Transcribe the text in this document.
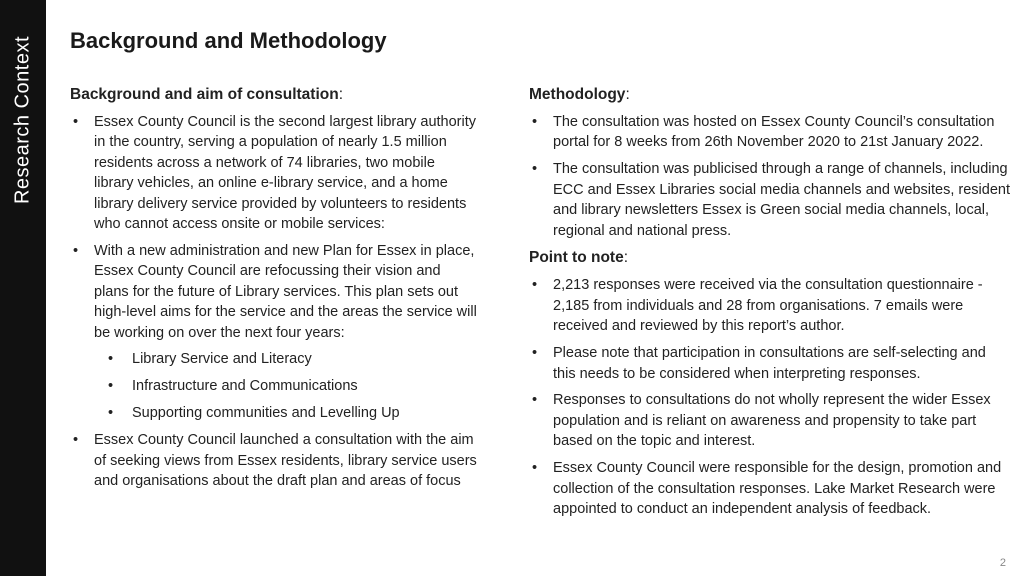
Research Context Background and Methodology
Background and aim of consultation:
• Essex County Council is the second largest library authority in the country, serving a population of nearly 1.5 million residents across a network of 74 libraries, two mobile library vehicles, an online e-library service, and a home library delivery service provided by volunteers to residents who cannot access onsite or mobile services:
• With a new administration and new Plan for Essex in place, Essex County Council are refocussing their vision and plans for the future of Library services. This plan sets out high-level aims for the service and the areas the service will be working on over the next four years:
• Library Service and Literacy
• Infrastructure and Communications
• Supporting communities and Levelling Up
• Essex County Council launched a consultation with the aim of seeking views from Essex residents, library service users and organisations about the draft plan and areas of focus
Methodology:
• The consultation was hosted on Essex County Council’s consultation portal for 8 weeks from 26th November 2020 to 21st January 2022.
• The consultation was publicised through a range of channels, including ECC and Essex Libraries social media channels and websites, resident and library newsletters Essex is Green social media channels, local, regional and national press.
Point to note:
• 2,213 responses were received via the consultation questionnaire - 2,185 from individuals and 28 from organisations. 7 emails were received and reviewed by this report’s author.
• Please note that participation in consultations are self-selecting and this needs to be considered when interpreting responses.
• Responses to consultations do not wholly represent the wider Essex population and is reliant on awareness and propensity to take part based on the topic and interest.
• Essex County Council were responsible for the design, promotion and collection of the consultation responses. Lake Market Research were appointed to conduct an independent analysis of feedback.
2
